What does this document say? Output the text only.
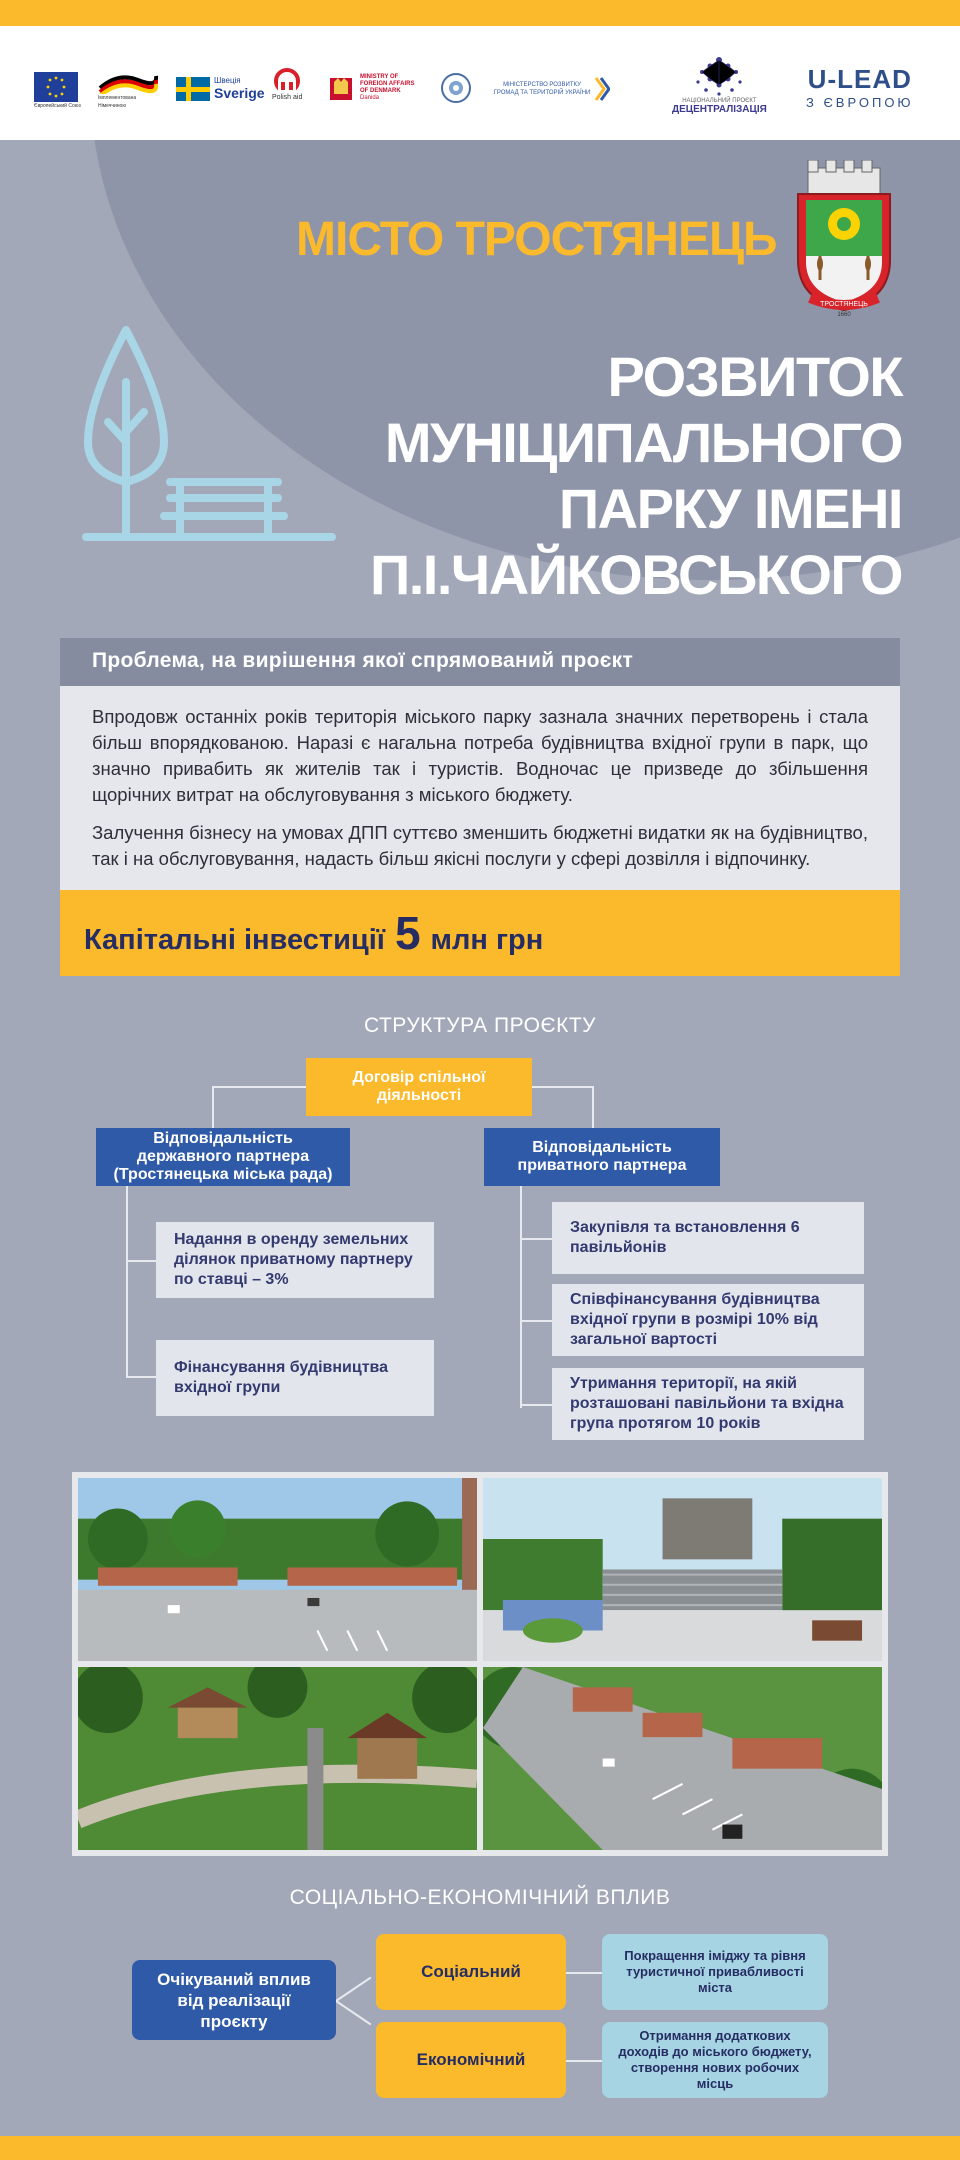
Європейський Союз
Імплементована Німеччиною
Швеція
Sverige Polish aid
MINISTRY OF FOREIGN AFFAIRS OF DENMARK
Danida
МІНІСТЕРСТВО РОЗВИТКУ ГРОМАД ТА ТЕРИТОРІЙ УКРАЇНИ
НАЦІОНАЛЬНИЙ ПРОЄКТ
ДЕЦЕНТРАЛІЗАЦІЯ
U-LEAD
З ЄВРОПОЮ
МІСТО ТРОСТЯНЕЦЬ
ТРОСТЯНЕЦЬ
1660
РОЗВИТОК
МУНІЦИПАЛЬНОГО
ПАРКУ ІМЕНІ
П.І.ЧАЙКОВСЬКОГО
Проблема, на вирішення якої спрямований проєкт

Впродовж останніх років територія міського парку зазнала значних перетворень і стала більш впорядкованою. Наразі є нагальна потреба будівництва вхідної групи в парк, що значно привабить як жителів так і туристів. Водночас це призведе до збільшення щорічних витрат на обслуговування з міського бюджету.

Залучення бізнесу на умовах ДПП суттєво зменшить бюджетні видатки як на будівництво, так і на обслуговування, надасть більш якісні послуги у сфері дозвілля і відпочинку.

Капітальні інвестиції 5 млн грн
СТРУКТУРА ПРОЄКТУ
Договір спільної діяльності
Відповідальність державного партнера (Тростянецька міська рада)
Відповідальність приватного партнера
Надання в оренду земельних ділянок приватному партнеру по ставці – 3%
Фінансування будівництва вхідної групи
Закупівля та встановлення 6 павільйонів
Співфінансування будівництва вхідної групи в розмірі 10% від загальної вартості
Утримання території, на якій розташовані павільйони та вхідна група протягом 10 років
СОЦІАЛЬНО-ЕКОНОМІЧНИЙ ВПЛИВ
Очікуваний вплив від реалізації проєкту
Соціальний
Економічний
Покращення іміджу та рівня туристичної привабливості міста
Отримання додаткових доходів до міського бюджету, створення нових робочих місць
